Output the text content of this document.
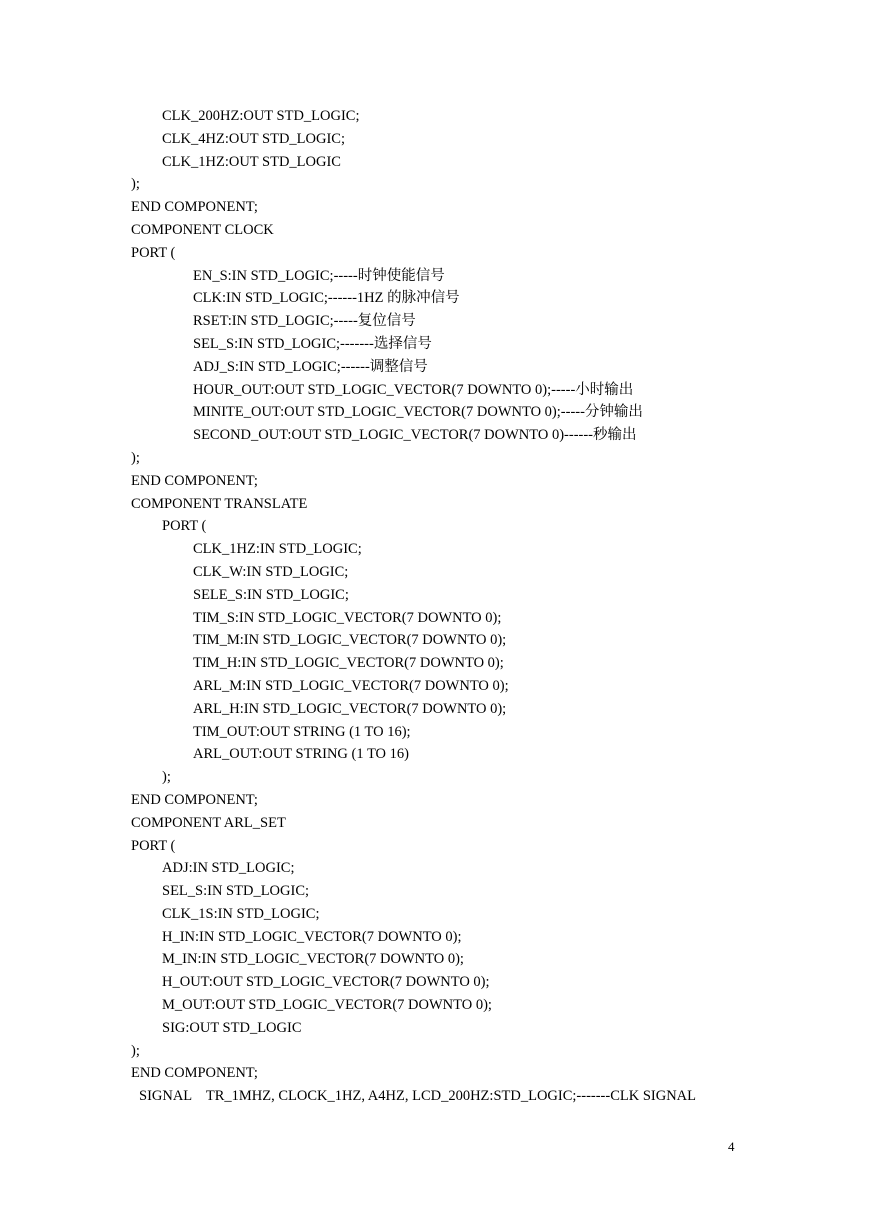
CLK_200HZ:OUT STD_LOGIC;
CLK_4HZ:OUT STD_LOGIC;
CLK_1HZ:OUT STD_LOGIC
);
END COMPONENT;
COMPONENT CLOCK
PORT (
EN_S:IN STD_LOGIC;-----时钟使能信号
CLK:IN STD_LOGIC;------1HZ 的脉冲信号
RSET:IN STD_LOGIC;-----复位信号
SEL_S:IN STD_LOGIC;-------选择信号
ADJ_S:IN STD_LOGIC;------调整信号
HOUR_OUT:OUT STD_LOGIC_VECTOR(7 DOWNTO 0);-----小时输出
MINITE_OUT:OUT STD_LOGIC_VECTOR(7 DOWNTO 0);-----分钟输出
SECOND_OUT:OUT STD_LOGIC_VECTOR(7 DOWNTO 0)------秒输出
);
END COMPONENT;
COMPONENT TRANSLATE
PORT (
CLK_1HZ:IN STD_LOGIC;
CLK_W:IN STD_LOGIC;
SELE_S:IN STD_LOGIC;
TIM_S:IN STD_LOGIC_VECTOR(7 DOWNTO 0);
TIM_M:IN STD_LOGIC_VECTOR(7 DOWNTO 0);
TIM_H:IN STD_LOGIC_VECTOR(7 DOWNTO 0);
ARL_M:IN STD_LOGIC_VECTOR(7 DOWNTO 0);
ARL_H:IN STD_LOGIC_VECTOR(7 DOWNTO 0);
TIM_OUT:OUT STRING (1 TO 16);
ARL_OUT:OUT STRING (1 TO 16)
);
END COMPONENT;
COMPONENT ARL_SET
PORT (
ADJ:IN STD_LOGIC;
SEL_S:IN STD_LOGIC;
CLK_1S:IN STD_LOGIC;
H_IN:IN STD_LOGIC_VECTOR(7 DOWNTO 0);
M_IN:IN STD_LOGIC_VECTOR(7 DOWNTO 0);
H_OUT:OUT STD_LOGIC_VECTOR(7 DOWNTO 0);
M_OUT:OUT STD_LOGIC_VECTOR(7 DOWNTO 0);
SIG:OUT STD_LOGIC
);
END COMPONENT;
SIGNAL    TR_1MHZ, CLOCK_1HZ, A4HZ, LCD_200HZ:STD_LOGIC;-------CLK SIGNAL
4
